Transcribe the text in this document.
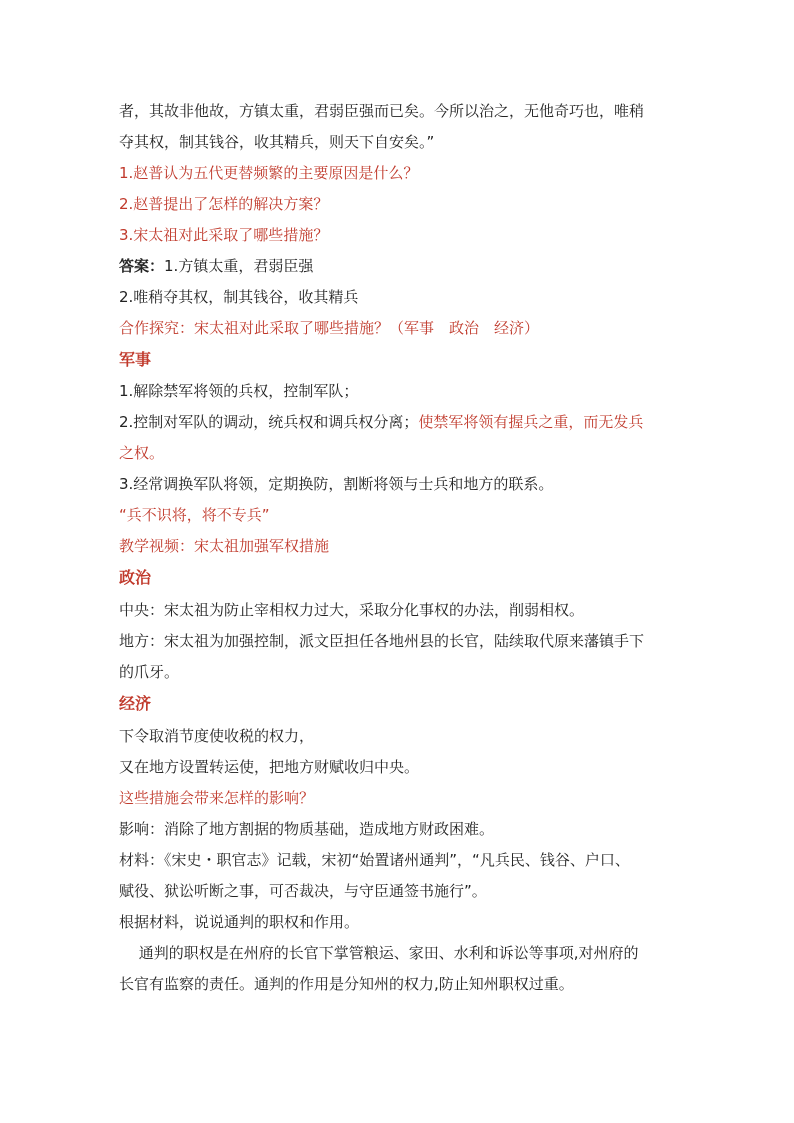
者，其故非他故，方镇太重，君弱臣强而已矣。今所以治之，无他奇巧也，唯稍
夺其权，制其钱谷，收其精兵，则天下自安矣。”
1.赵普认为五代更替频繁的主要原因是什么？
2.赵普提出了怎样的解决方案？
3.宋太祖对此采取了哪些措施？
答案：1.方镇太重，君弱臣强
2.唯稍夺其权，制其钱谷，收其精兵
合作探究：宋太祖对此采取了哪些措施？（军事　政治　经济）
军事
1.解除禁军将领的兵权，控制军队；
2.控制对军队的调动，统兵权和调兵权分离；使禁军将领有握兵之重，而无发兵
之权。
3.经常调换军队将领，定期换防，割断将领与士兵和地方的联系。
“兵不识将，将不专兵”
教学视频：宋太祖加强军权措施
政治
中央：宋太祖为防止宰相权力过大，采取分化事权的办法，削弱相权。
地方：宋太祖为加强控制，派文臣担任各地州县的长官，陆续取代原来藩镇手下
的爪牙。
经济
下令取消节度使收税的权力，
又在地方设置转运使，把地方财赋收归中央。
这些措施会带来怎样的影响？
影响：消除了地方割据的物质基础，造成地方财政困难。
材料：《宋史・职官志》记载，宋初“始置诸州通判”，“凡兵民、钱谷、户口、
赋役、狱讼听断之事，可否裁决，与守臣通签书施行”。
根据材料，说说通判的职权和作用。
　 通判的职权是在州府的长官下掌管粮运、家田、水利和诉讼等事项,对州府的
长官有监察的责任。通判的作用是分知州的权力,防止知州职权过重。
